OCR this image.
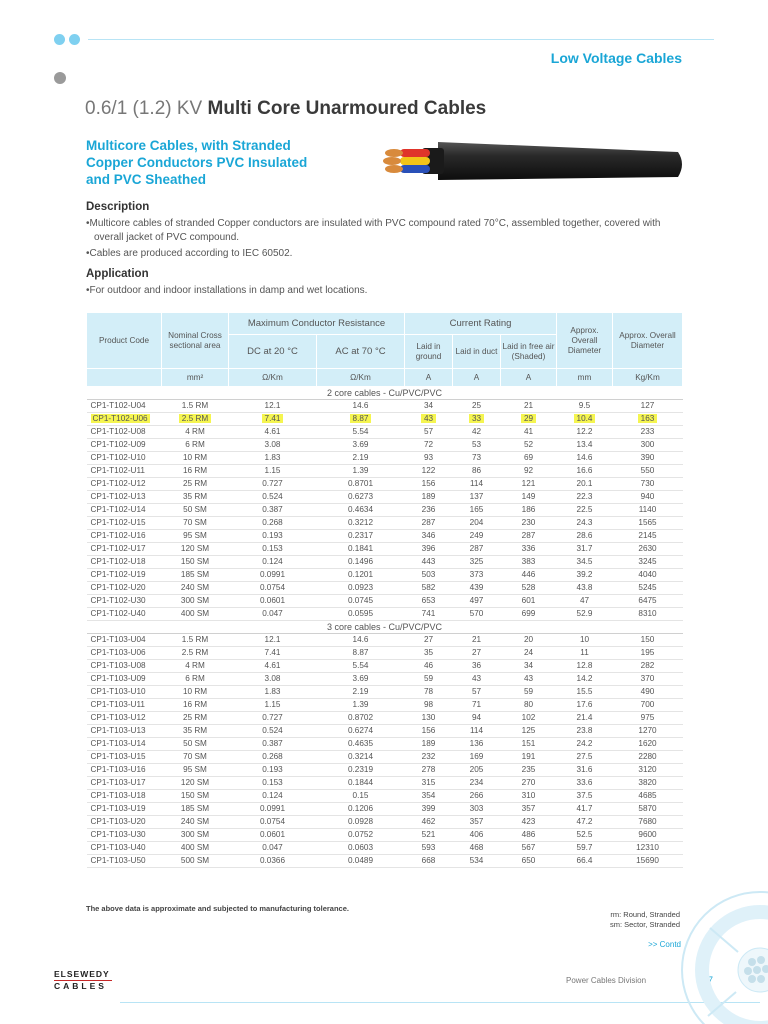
Low Voltage Cables
0.6/1 (1.2) KV Multi Core Unarmoured Cables
Multicore Cables, with Stranded
Copper Conductors PVC Insulated
and PVC Sheathed
Description

• Multicore cables of stranded Copper conductors are insulated with PVC compound rated 70°C, assembled together, covered with overall jacket of PVC compound.

• Cables are produced according to IEC 60502.

Application
• For outdoor and indoor installations in damp and wet locations.
Product Code	Nominal Cross sectional area	Maximum Conductor Resistance		Current Rating			Approx. Overall Diameter	Approx. Overall Diameter
		DC at 20 °C	AC at 70 °C	Laid in ground	Laid in duct	Laid in free air (Shaded)		
	mm²	Ω/Km	Ω/Km	A	A	A	mm	Kg/Km
2 core cables - Cu/PVC/PVC								
CP1-T102-U04	1.5 RM	12.1	14.6	34	25	21	9.5	127
CP1-T102-U06	2.5 RM	7.41	8.87	43	33	29	10.4	163
CP1-T102-U08	4 RM	4.61	5.54	57	42	41	12.2	233
CP1-T102-U09	6 RM	3.08	3.69	72	53	52	13.4	300
CP1-T102-U10	10 RM	1.83	2.19	93	73	69	14.6	390
CP1-T102-U11	16 RM	1.15	1.39	122	86	92	16.6	550
CP1-T102-U12	25 RM	0.727	0.8701	156	114	121	20.1	730
CP1-T102-U13	35 RM	0.524	0.6273	189	137	149	22.3	940
CP1-T102-U14	50 SM	0.387	0.4634	236	165	186	22.5	1140
CP1-T102-U15	70 SM	0.268	0.3212	287	204	230	24.3	1565
CP1-T102-U16	95 SM	0.193	0.2317	346	249	287	28.6	2145
CP1-T102-U17	120 SM	0.153	0.1841	396	287	336	31.7	2630
CP1-T102-U18	150 SM	0.124	0.1496	443	325	383	34.5	3245
CP1-T102-U19	185 SM	0.0991	0.1201	503	373	446	39.2	4040
CP1-T102-U20	240 SM	0.0754	0.0923	582	439	528	43.8	5245
CP1-T102-U30	300 SM	0.0601	0.0745	653	497	601	47	6475
CP1-T102-U40	400 SM	0.047	0.0595	741	570	699	52.9	8310
3 core cables - Cu/PVC/PVC								
CP1-T103-U04	1.5 RM	12.1	14.6	27	21	20	10	150
CP1-T103-U06	2.5 RM	7.41	8.87	35	27	24	11	195
CP1-T103-U08	4 RM	4.61	5.54	46	36	34	12.8	282
CP1-T103-U09	6 RM	3.08	3.69	59	43	43	14.2	370
CP1-T103-U10	10 RM	1.83	2.19	78	57	59	15.5	490
CP1-T103-U11	16 RM	1.15	1.39	98	71	80	17.6	700
CP1-T103-U12	25 RM	0.727	0.8702	130	94	102	21.4	975
CP1-T103-U13	35 RM	0.524	0.6274	156	114	125	23.8	1270
CP1-T103-U14	50 SM	0.387	0.4635	189	136	151	24.2	1620
CP1-T103-U15	70 SM	0.268	0.3214	232	169	191	27.5	2280
CP1-T103-U16	95 SM	0.193	0.2319	278	205	235	31.6	3120
CP1-T103-U17	120 SM	0.153	0.1844	315	234	270	33.6	3820
CP1-T103-U18	150 SM	0.124	0.15	354	266	310	37.5	4685
CP1-T103-U19	185 SM	0.0991	0.1206	399	303	357	41.7	5870
CP1-T103-U20	240 SM	0.0754	0.0928	462	357	423	47.2	7680
CP1-T103-U30	300 SM	0.0601	0.0752	521	406	486	52.5	9600
CP1-T103-U40	400 SM	0.047	0.0603	593	468	567	59.7	12310
CP1-T103-U50	500 SM	0.0366	0.0489	668	534	650	66.4	15690
The above data is approximate and subjected to manufacturing tolerance.
rm: Round, Stranded
sm: Sector, Stranded
>> Contd
ELSEWEDY
CABLES
Power Cables Division	67
